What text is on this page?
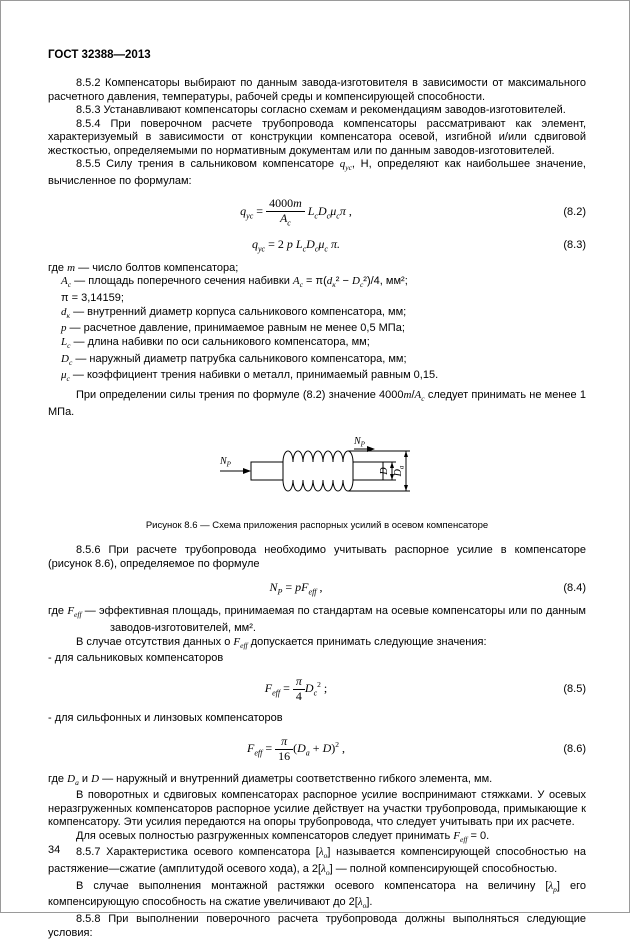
ГОСТ 32388—2013

8.5.2 Компенсаторы выбирают по данным завода-изготовителя в зависимости от максимального расчетного давления, температуры, рабочей среды и компенсирующей способности.

8.5.3 Устанавливают компенсаторы согласно схемам и рекомендациям заводов-изготовителей.

8.5.4 При поверочном расчете трубопровода компенсаторы рассматривают как элемент, характеризуемый в зависимости от конструкции компенсатора осевой, изгибной и/или сдвиговой жесткостью, определяемыми по нормативным документам или по данным заводов-изготовителей.

8.5.5 Силу трения в сальниковом компенсаторе $q_{ус}$, Н, определяют как наибольшее значение, вычисленное по формулам:

$q_{ус} = \frac{4000m}{A_с} L_сD_с\mu_с\pi$ ,	(8.2)
$q_{ус} = 2$ р $L_сD_с\mu_с$ π.	(8.3)
где m — число болтов компенсатора;
$A_с$ — площадь поперечного сечения набивки $A_с = \pi(d_к^2 - D_с^2)/4$, мм²;
π = 3,14159;
$d_к$ — внутренний диаметр корпуса сальникового компенсатора, мм;
р — расчетное давление, принимаемое равным не менее 0,5 МПа;
$L_с$ — длина набивки по оси сальникового компенсатора, мм;
$D_с$ — наружный диаметр патрубка сальникового компенсатора, мм;
$\mu_с$ — коэффициент трения набивки о металл, принимаемый равным 0,15.

При определении силы трения по формуле (8.2) значение $4000m/A_с$ следует принимать не менее 1 МПа.

$N_Р$
$N_Р$
D $D_а$
Рисунок 8.6 — Схема приложения распорных усилий в осевом компенсаторе

8.5.6 При расчете трубопровода необходимо учитывать распорное усилие в компенсаторе (рисунок 8.6), определяемое по формуле

$N_Р = pF_{eff}$ ,	(8.4)

где $F_{eff}$ — эффективная площадь, принимаемая по стандартам на осевые компенсаторы или по данным заводов-изготовителей, мм².

В случае отсутствия данных о $F_{eff}$ допускается принимать следующие значения:

- для сальниковых компенсаторов

$F_{eff} = \frac{\pi}{4} D_с^2$ ;	(8.5)

- для сильфонных и линзовых компенсаторов

$F_{eff} = \frac{\pi}{16} (D_а + D)^2$ ,	(8.6)

где $D_а$ и D — наружный и внутренний диаметры соответственно гибкого элемента, мм.

В поворотных и сдвиговых компенсаторах распорное усилие воспринимают стяжками. У осевых неразгруженных компенсаторов распорное усилие действует на участки трубопровода, примыкающие к компенсатору. Эти усилия передаются на опоры трубопровода, что следует учитывать при их расчете.

Для осевых полностью разгруженных компенсаторов следует принимать $F_{eff} = 0$.

8.5.7 Характеристика осевого компенсатора $[\lambda_о]$ называется компенсирующей способностью на растяжение—сжатие (амплитудой осевого хода), а $2[\lambda_о]$ — полной компенсирующей способностью.

В случае выполнения монтажной растяжки осевого компенсатора на величину $[\lambda_р]$ его компенсирующую способность на сжатие увеличивают до $2[\lambda_о]$.

8.5.8 При выполнении поверочного расчета трубопровода должны выполняться следующие условия:

34
